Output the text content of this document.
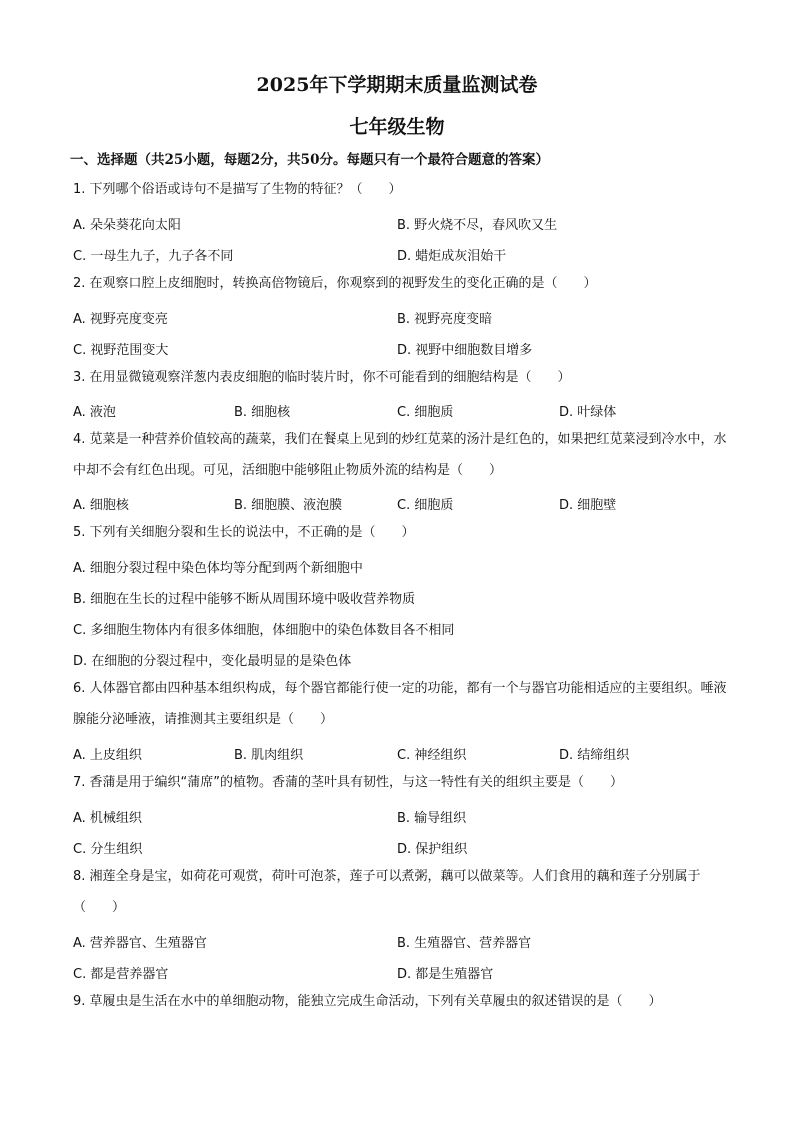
2025年下学期期末质量监测试卷
七年级生物
一、选择题（共25小题，每题2分，共50分。每题只有一个最符合题意的答案）
1. 下列哪个俗语或诗句不是描写了生物的特征？（　　）
A. 朵朵葵花向太阳	B. 野火烧不尽，春风吹又生
C. 一母生九子，九子各不同	D. 蜡炬成灰泪始干
2. 在观察口腔上皮细胞时，转换高倍物镜后，你观察到的视野发生的变化正确的是（　　）
A. 视野亮度变亮	B. 视野亮度变暗
C. 视野范围变大	D. 视野中细胞数目增多
3. 在用显微镜观察洋葱内表皮细胞的临时装片时，你不可能看到的细胞结构是（　　）
A. 液泡	B. 细胞核	C. 细胞质	D. 叶绿体
4. 苋菜是一种营养价值较高的蔬菜，我们在餐桌上见到的炒红苋菜的汤汁是红色的，如果把红苋菜浸到冷水中，水中却不会有红色出现。可见，活细胞中能够阻止物质外流的结构是（　　）
A. 细胞核	B. 细胞膜、液泡膜	C. 细胞质	D. 细胞壁
5. 下列有关细胞分裂和生长的说法中，不正确的是（　　）
A. 细胞分裂过程中染色体均等分配到两个新细胞中
B. 细胞在生长的过程中能够不断从周围环境中吸收营养物质
C. 多细胞生物体内有很多体细胞，体细胞中的染色体数目各不相同
D. 在细胞的分裂过程中，变化最明显的是染色体
6. 人体器官都由四种基本组织构成，每个器官都能行使一定的功能，都有一个与器官功能相适应的主要组织。唾液腺能分泌唾液，请推测其主要组织是（　　）
A. 上皮组织	B. 肌肉组织	C. 神经组织	D. 结缔组织
7. 香蒲是用于编织“蒲席”的植物。香蒲的茎叶具有韧性，与这一特性有关的组织主要是（　　）
A. 机械组织	B. 输导组织
C. 分生组织	D. 保护组织
8. 湘莲全身是宝，如荷花可观赏，荷叶可泡茶，莲子可以煮粥，藕可以做菜等。人们食用的藕和莲子分别属于（　　）
A. 营养器官、生殖器官	B. 生殖器官、营养器官
C. 都是营养器官	D. 都是生殖器官
9. 草履虫是生活在水中的单细胞动物，能独立完成生命活动，下列有关草履虫的叙述错误的是（　　）
